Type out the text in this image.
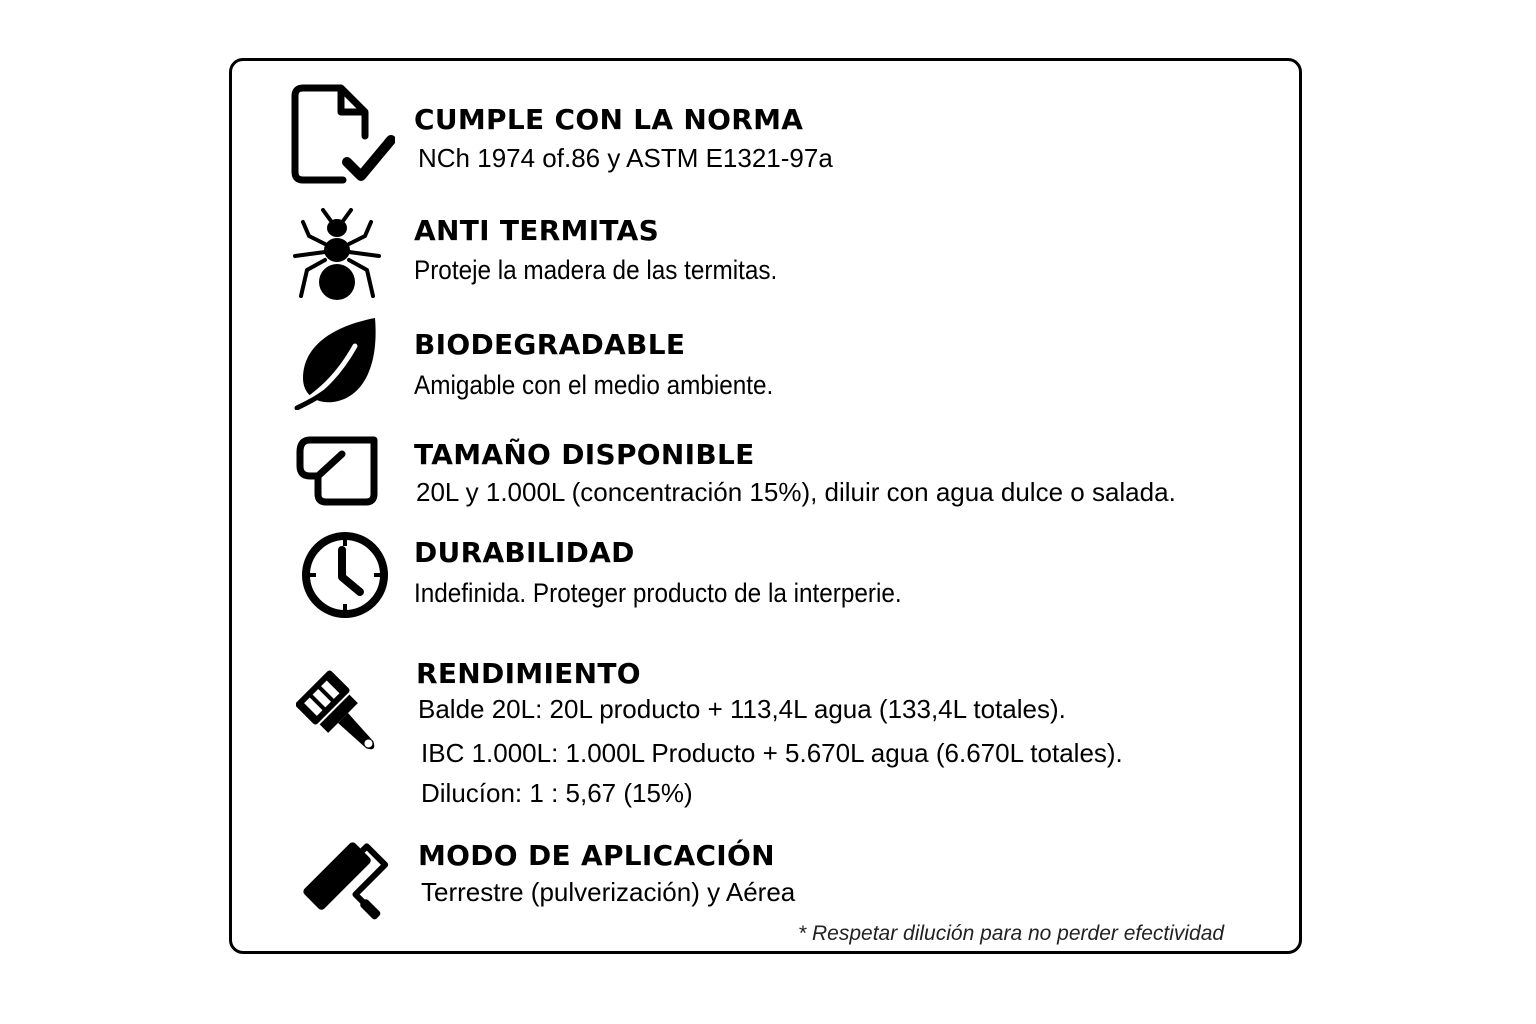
CUMPLE CON LA NORMA
NCh 1974 of.86 y ASTM E1321-97a
ANTI TERMITAS
Proteje la madera de las termitas.
BIODEGRADABLE
Amigable con el medio ambiente.
TAMAÑO DISPONIBLE
20L y 1.000L (concentración 15%), diluir con agua dulce o salada.
DURABILIDAD
Indefinida. Proteger producto de la interperie.
RENDIMIENTO
Balde 20L: 20L producto + 113,4L agua (133,4L totales).
IBC 1.000L: 1.000L Producto + 5.670L agua (6.670L totales).
Dilucíon: 1 : 5,67 (15%)
MODO DE APLICACIÓN
Terrestre (pulverización) y Aérea
* Respetar dilución para no perder efectividad
